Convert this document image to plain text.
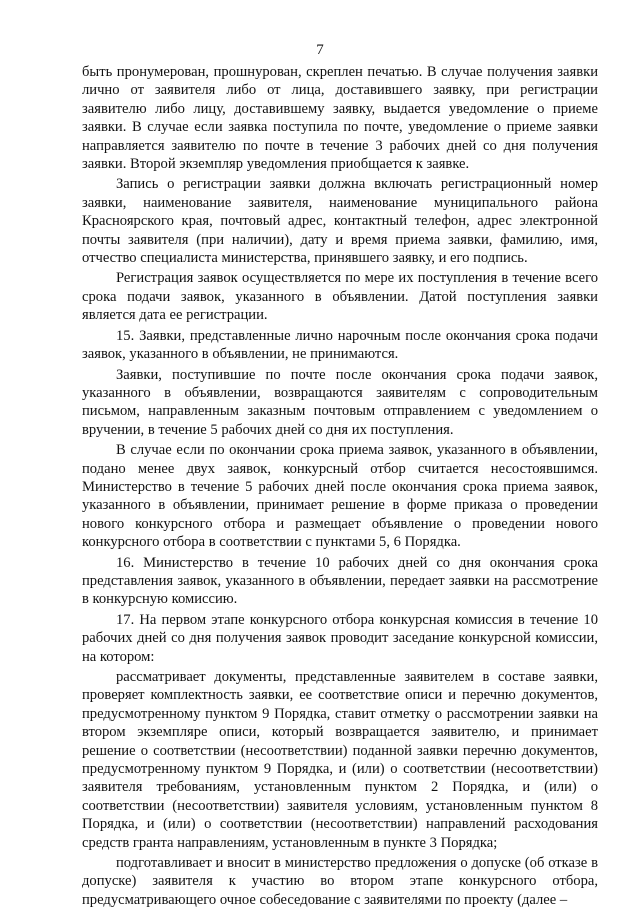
7

быть пронумерован, прошнурован, скреплен печатью. В случае получения заявки лично от заявителя либо от лица, доставившего заявку, при регистрации заявителю либо лицу, доставившему заявку, выдается уведомление о приеме заявки. В случае если заявка поступила по почте, уведомление о приеме заявки направляется заявителю по почте в течение 3 рабочих дней со дня получения заявки. Второй экземпляр уведомления приобщается к заявке.

Запись о регистрации заявки должна включать регистрационный номер заявки, наименование заявителя, наименование муниципального района Красноярского края, почтовый адрес, контактный телефон, адрес электронной почты заявителя (при наличии), дату и время приема заявки, фамилию, имя, отчество специалиста министерства, принявшего заявку, и его подпись.

Регистрация заявок осуществляется по мере их поступления в течение всего срока подачи заявок, указанного в объявлении. Датой поступления заявки является дата ее регистрации.

15. Заявки, представленные лично нарочным после окончания срока подачи заявок, указанного в объявлении, не принимаются.

Заявки, поступившие по почте после окончания срока подачи заявок, указанного в объявлении, возвращаются заявителям с сопроводительным письмом, направленным заказным почтовым отправлением с уведомлением о вручении, в течение 5 рабочих дней со дня их поступления.

В случае если по окончании срока приема заявок, указанного в объявлении, подано менее двух заявок, конкурсный отбор считается несостоявшимся. Министерство в течение 5 рабочих дней после окончания срока приема заявок, указанного в объявлении, принимает решение в форме приказа о проведении нового конкурсного отбора и размещает объявление о проведении нового конкурсного отбора в соответствии с пунктами 5, 6 Порядка.

16. Министерство в течение 10 рабочих дней со дня окончания срока представления заявок, указанного в объявлении, передает заявки на рассмотрение в конкурсную комиссию.

17. На первом этапе конкурсного отбора конкурсная комиссия в течение 10 рабочих дней со дня получения заявок проводит заседание конкурсной комиссии, на котором:

рассматривает документы, представленные заявителем в составе заявки, проверяет комплектность заявки, ее соответствие описи и перечню документов, предусмотренному пунктом 9 Порядка, ставит отметку о рассмотрении заявки на втором экземпляре описи, который возвращается заявителю, и принимает решение о соответствии (несоответствии) поданной заявки перечню документов, предусмотренному пунктом 9 Порядка, и (или) о соответствии (несоответствии) заявителя требованиям, установленным пунктом 2 Порядка, и (или) о соответствии (несоответствии) заявителя условиям, установленным пунктом 8 Порядка, и (или) о соответствии (несоответствии) направлений расходования средств гранта направлениям, установленным в пункте 3 Порядка;

подготавливает и вносит в министерство предложения о допуске (об отказе в допуске) заявителя к участию во втором этапе конкурсного отбора, предусматривающего очное собеседование с заявителями по проекту (далее –
